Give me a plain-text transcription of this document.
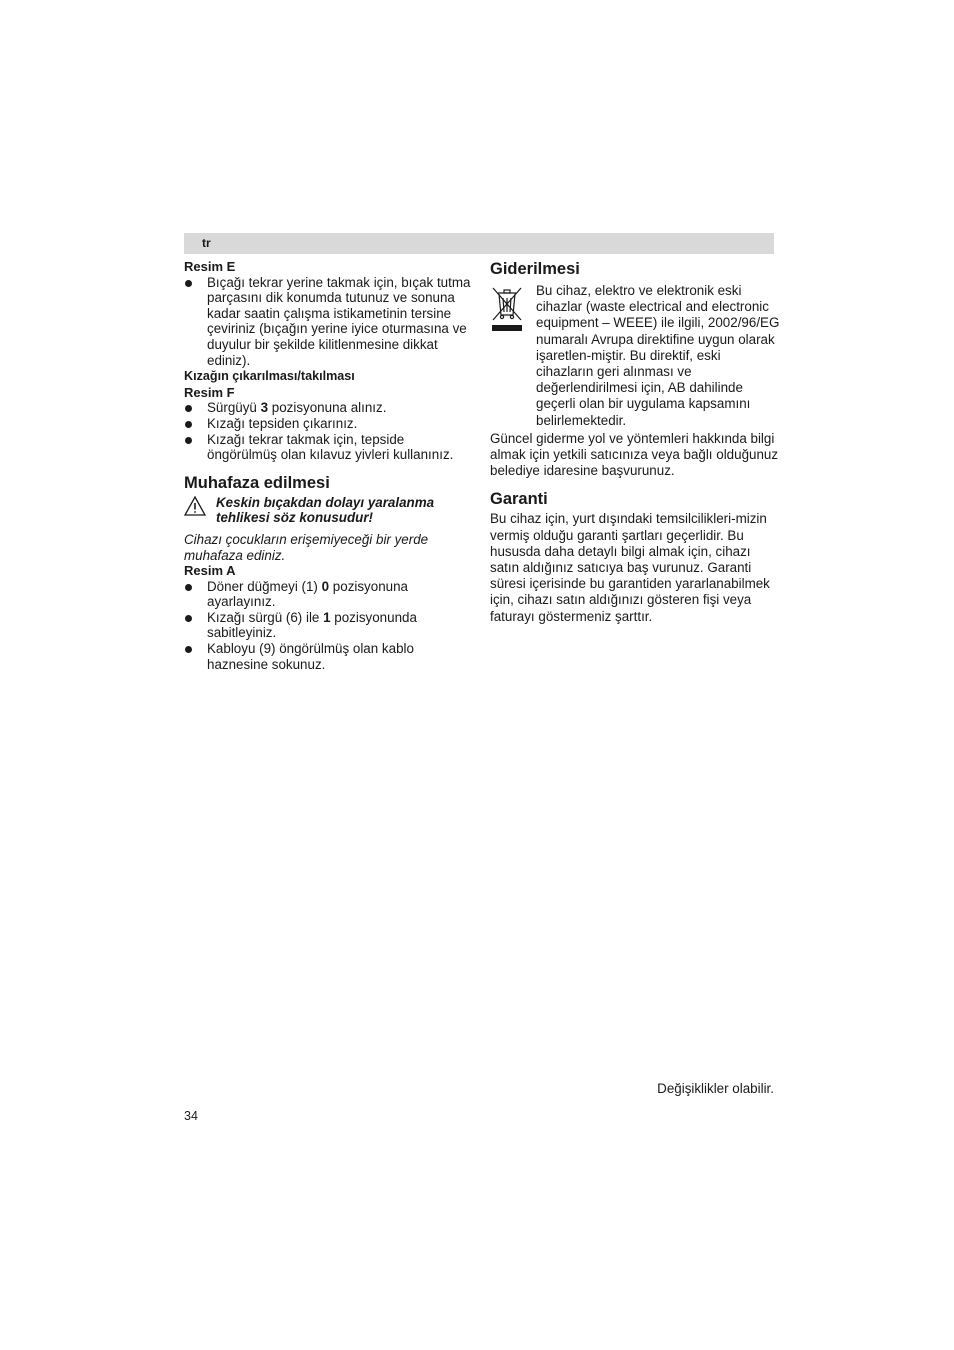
tr
Resim E
Bıçağı tekrar yerine takmak için, bıçak tutma parçasını dik konumda tutunuz ve sonuna kadar saatin çalışma istikametinin tersine çeviriniz (bıçağın yerine iyice oturmasına ve duyulur bir şekilde kilitlenmesine dikkat ediniz).
Kızağın çıkarılması/takılması
Resim F
Sürgüyü 3 pozisyonuna alınız.
Kızağı tepsiden çıkarınız.
Kızağı tekrar takmak için, tepside öngörülmüş olan kılavuz yivleri kullanınız.
Muhafaza edilmesi
Keskin bıçakdan dolayı yaralanma tehlikesi söz konusudur!
Cihazı çocukların erişemiyeceği bir yerde muhafaza ediniz.
Resim A
Döner düğmeyi (1) 0 pozisyonuna ayarlayınız.
Kızağı sürgü (6) ile 1 pozisyonunda sabitleyiniz.
Kabloyu (9) öngörülmüş olan kablo haznesine sokunuz.
Giderilmesi
Bu cihaz, elektro ve elektronik eski cihazlar (waste electrical and electronic equipment – WEEE) ile ilgili, 2002/96/EG numaralı Avrupa direktifine uygun olarak işaretlen-miştir. Bu direktif, eski cihazların geri alınması ve değerlendirilmesi için, AB dahilinde geçerli olan bir uygulama kapsamını belirlemektedir.
Güncel giderme yol ve yöntemleri hakkında bilgi almak için yetkili satıcınıza veya bağlı olduğunuz belediye idaresine başvurunuz.
Garanti
Bu cihaz için, yurt dışındaki temsilcilikleri-mizin vermiş olduğu garanti şartları geçerlidir. Bu hususda daha detaylı bilgi almak için, cihazı satın aldığınız satıcıya baş vurunuz. Garanti süresi içerisinde bu garantiden yararlanabilmek için, cihazı satın aldığınızı gösteren fişi veya faturayı göstermeniz şarttır.
Değişiklikler olabilir.
34
